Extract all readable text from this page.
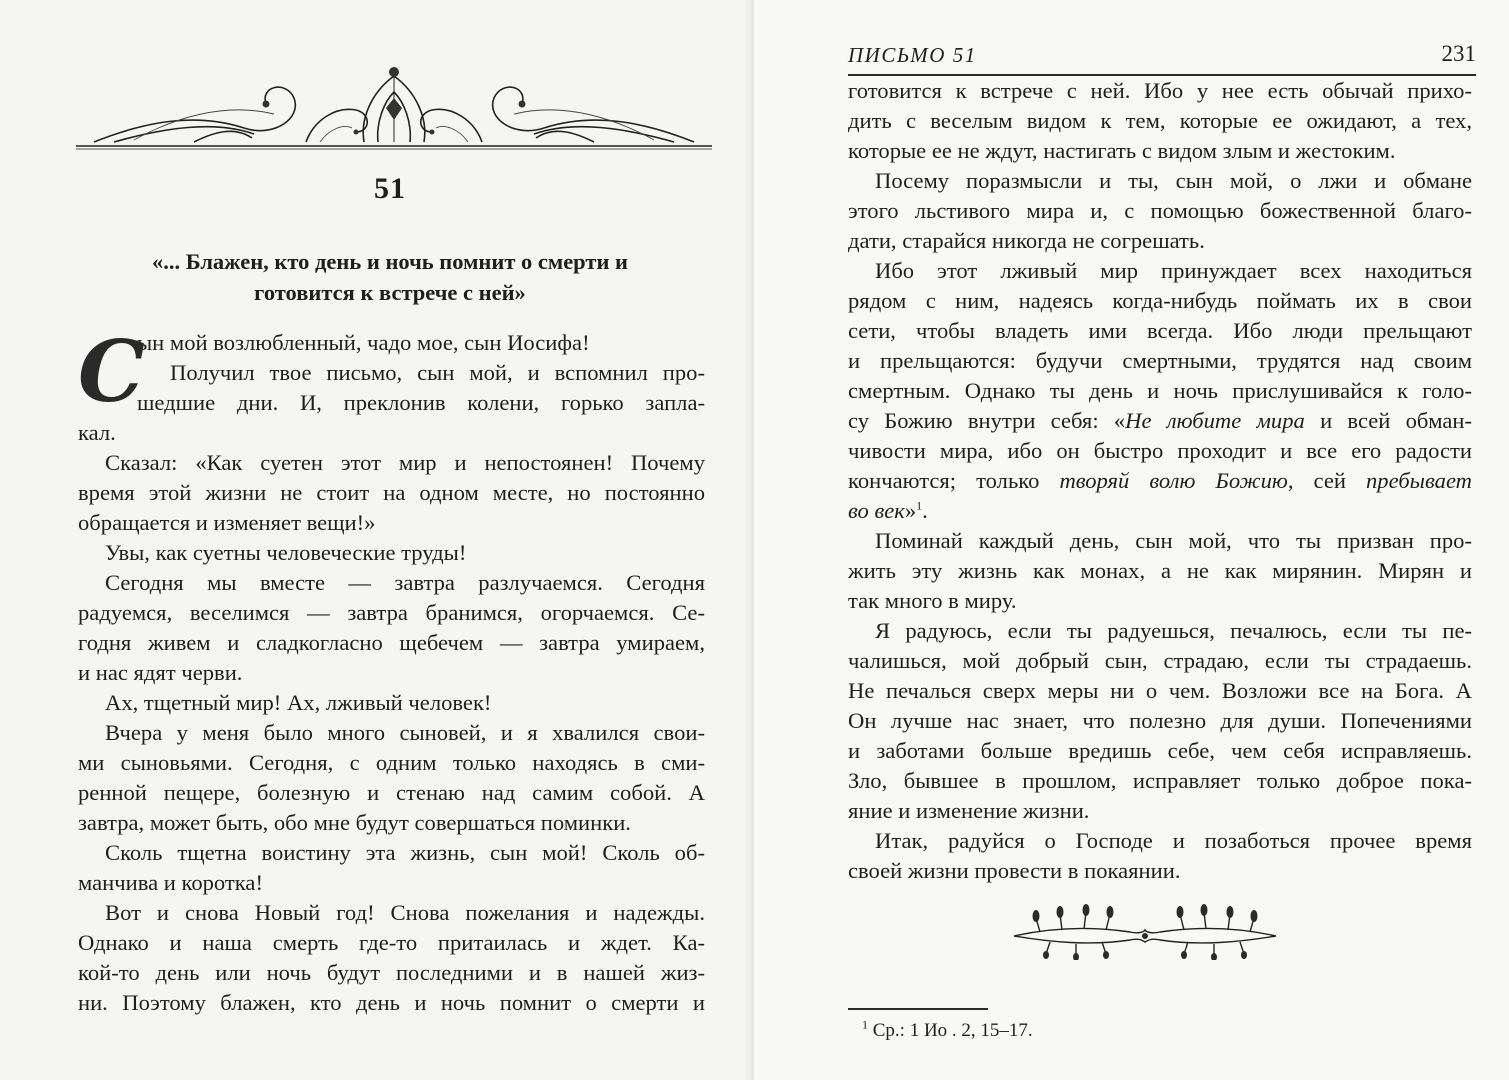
51
«... Блажен, кто день и ночь помнит о смерти и
готовится к встрече с ней»
С
ын мой возлюбленный, чадо мое, сын Иосифа!
Получил твое письмо, сын мой, и вспомнил про-
шедшие дни. И, преклонив колени, горько запла-
кал.
Сказал: «Как суетен этот мир и непостоянен! Почему
время этой жизни не стоит на одном месте, но постоянно
обращается и изменяет вещи!»
Увы, как суетны человеческие труды!
Сегодня мы вместе — завтра разлучаемся. Сегодня
радуемся, веселимся — завтра бранимся, огорчаемся. Се-
годня живем и сладкогласно щебечем — завтра умираем,
и нас ядят черви.
Ах, тщетный мир! Ах, лживый человек!
Вчера у меня было много сыновей, и я хвалился свои-
ми сыновьями. Сегодня, с одним только находясь в сми-
ренной пещере, болезную и стенаю над самим собой. А
завтра, может быть, обо мне будут совершаться поминки.
Сколь тщетна воистину эта жизнь, сын мой! Сколь об-
манчива и коротка!
Вот и снова Новый год! Снова пожелания и надежды.
Однако и наша смерть где-то притаилась и ждет. Ка-
кой-то день или ночь будут последними и в нашей жиз-
ни. Поэтому блажен, кто день и ночь помнит о смерти и
ПИСЬМО 51	231
готовится к встрече с ней. Ибо у нее есть обычай прихо-
дить с веселым видом к тем, которые ее ожидают, а тех,
которые ее не ждут, настигать с видом злым и жестоким.
Посему поразмысли и ты, сын мой, о лжи и обмане
этого льстивого мира и, с помощью божественной благо-
дати, старайся никогда не согрешать.
Ибо этот лживый мир принуждает всех находиться
рядом с ним, надеясь когда-нибудь поймать их в свои
сети, чтобы владеть ими всегда. Ибо люди прельщают
и прельщаются: будучи смертными, трудятся над своим
смертным. Однако ты день и ночь прислушивайся к голо-
су Божию внутри себя: «Не любите мира и всей обман-
чивости мира, ибо он быстро проходит и все его радости
кончаются; только творяй волю Божию, сей пребывает
во век»$^1$.
Поминай каждый день, сын мой, что ты призван про-
жить эту жизнь как монах, а не как мирянин. Мирян и
так много в миру.
Я радуюсь, если ты радуешься, печалюсь, если ты пе-
чалишься, мой добрый сын, страдаю, если ты страдаешь.
Не печалься сверх меры ни о чем. Возложи все на Бога. А
Он лучше нас знает, что полезно для души. Попечениями
и заботами больше вредишь себе, чем себя исправляешь.
Зло, бывшее в прошлом, исправляет только доброе пока-
яние и изменение жизни.
Итак, радуйся о Господе и позаботься прочее время
своей жизни провести в покаянии.
$^1$ Ср.: 1 Ио . 2, 15–17.
